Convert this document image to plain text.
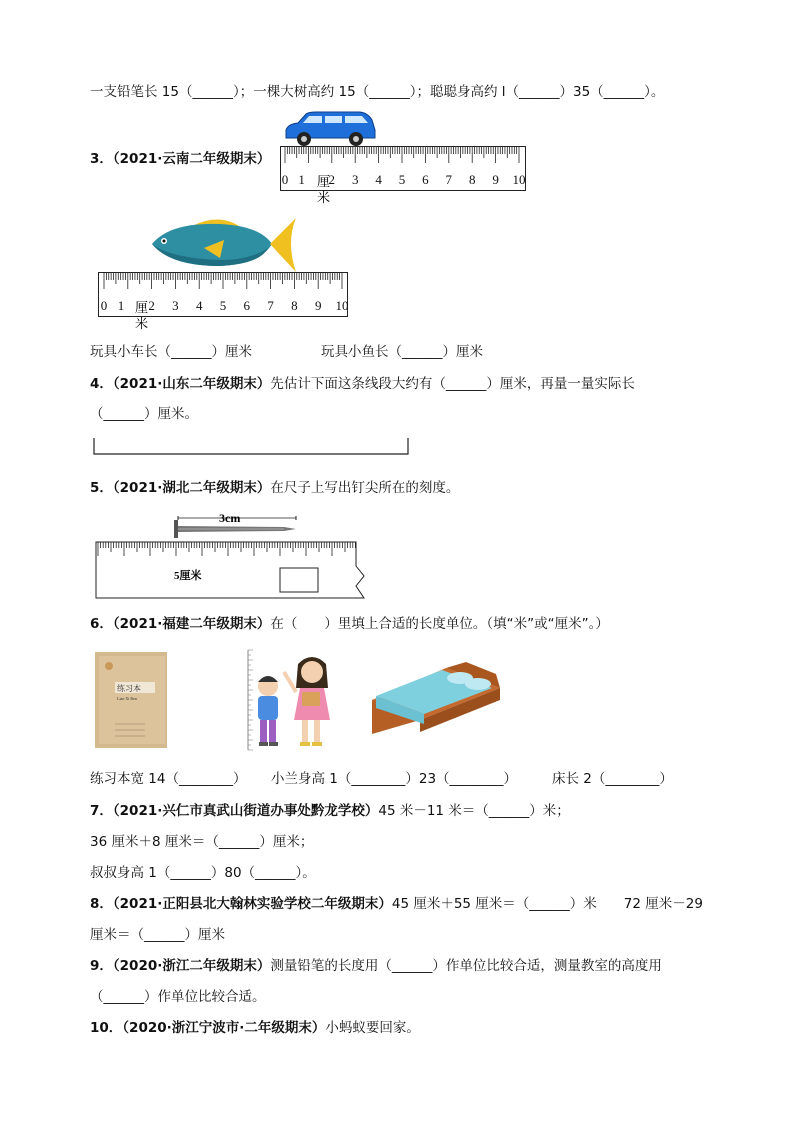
一支铅笔长 15（______）；一棵大树高约 15（______）；聪聪身高约 l（______）35（______）。
3．（2021·云南二年级期末）
0 1 2 3 4 5 6 7 8 9 10
厘
米
0 1 2 3 4 5 6 7 8 9 10
厘
米
玩具小车长（______）厘米	玩具小鱼长（______）厘米
4．（2021·山东二年级期末）先估计下面这条线段大约有（______）厘米，再量一量实际长
（______）厘米。
5．（2021·湖北二年级期末）在尺子上写出钉尖所在的刻度。
3cm
5厘米
6．（2021·福建二年级期末）在（　　）里填上合适的长度单位。（填“米”或“厘米”。）
练习本
Lian Xi Ben
练习本宽 14（________） 小兰身高 1（________）23（________）	床长 2（________）
7．（2021·兴仁市真武山街道办事处黔龙学校）45 米－11 米＝（______）米；
36 厘米＋8 厘米＝（______）厘米；
叔叔身高 1（______）80（______）。
8．（2021·正阳县北大翰林实验学校二年级期末）45 厘米＋55 厘米＝（______）米　　72 厘米－29
厘米＝（______）厘米
9．（2020·浙江二年级期末）测量铅笔的长度用（______）作单位比较合适，测量教室的高度用
（______）作单位比较合适。
10．（2020·浙江宁波市·二年级期末）小蚂蚁要回家。
